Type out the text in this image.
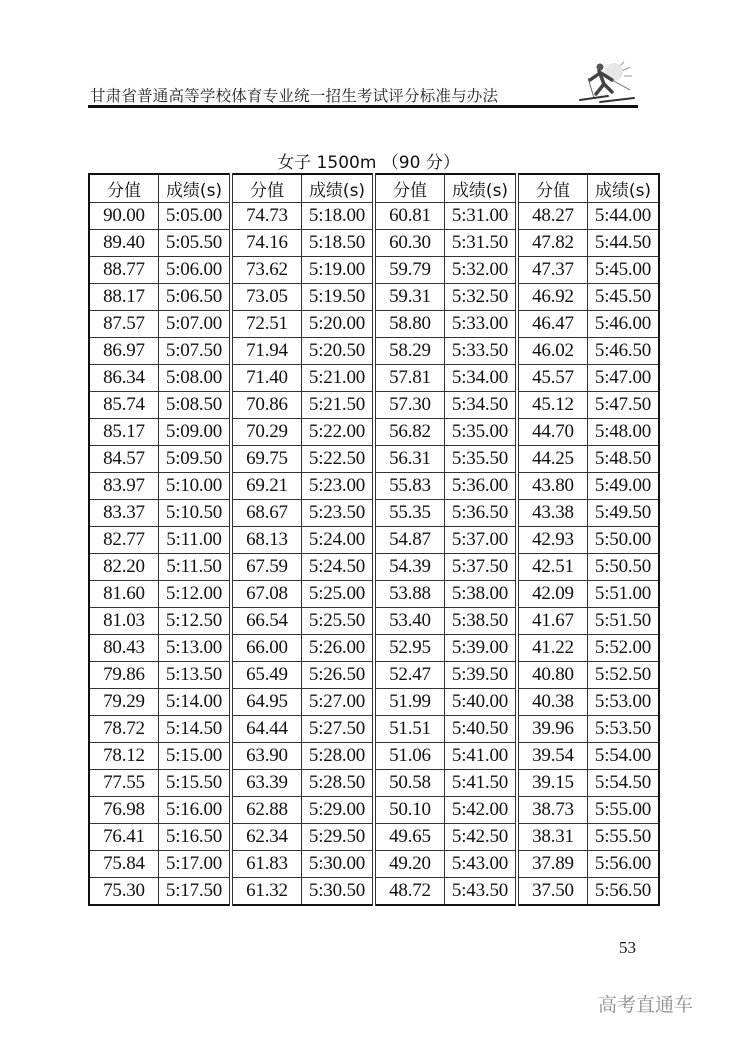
甘肃省普通高等学校体育专业统一招生考试评分标准与办法
女子 1500m （90 分）
分值	成绩(s)	分值	成绩(s)	分值	成绩(s)	分值	成绩(s)
90.00	5:05.00	74.73	5:18.00	60.81	5:31.00	48.27	5:44.00
89.40	5:05.50	74.16	5:18.50	60.30	5:31.50	47.82	5:44.50
88.77	5:06.00	73.62	5:19.00	59.79	5:32.00	47.37	5:45.00
88.17	5:06.50	73.05	5:19.50	59.31	5:32.50	46.92	5:45.50
87.57	5:07.00	72.51	5:20.00	58.80	5:33.00	46.47	5:46.00
86.97	5:07.50	71.94	5:20.50	58.29	5:33.50	46.02	5:46.50
86.34	5:08.00	71.40	5:21.00	57.81	5:34.00	45.57	5:47.00
85.74	5:08.50	70.86	5:21.50	57.30	5:34.50	45.12	5:47.50
85.17	5:09.00	70.29	5:22.00	56.82	5:35.00	44.70	5:48.00
84.57	5:09.50	69.75	5:22.50	56.31	5:35.50	44.25	5:48.50
83.97	5:10.00	69.21	5:23.00	55.83	5:36.00	43.80	5:49.00
83.37	5:10.50	68.67	5:23.50	55.35	5:36.50	43.38	5:49.50
82.77	5:11.00	68.13	5:24.00	54.87	5:37.00	42.93	5:50.00
82.20	5:11.50	67.59	5:24.50	54.39	5:37.50	42.51	5:50.50
81.60	5:12.00	67.08	5:25.00	53.88	5:38.00	42.09	5:51.00
81.03	5:12.50	66.54	5:25.50	53.40	5:38.50	41.67	5:51.50
80.43	5:13.00	66.00	5:26.00	52.95	5:39.00	41.22	5:52.00
79.86	5:13.50	65.49	5:26.50	52.47	5:39.50	40.80	5:52.50
79.29	5:14.00	64.95	5:27.00	51.99	5:40.00	40.38	5:53.00
78.72	5:14.50	64.44	5:27.50	51.51	5:40.50	39.96	5:53.50
78.12	5:15.00	63.90	5:28.00	51.06	5:41.00	39.54	5:54.00
77.55	5:15.50	63.39	5:28.50	50.58	5:41.50	39.15	5:54.50
76.98	5:16.00	62.88	5:29.00	50.10	5:42.00	38.73	5:55.00
76.41	5:16.50	62.34	5:29.50	49.65	5:42.50	38.31	5:55.50
75.84	5:17.00	61.83	5:30.00	49.20	5:43.00	37.89	5:56.00
75.30	5:17.50	61.32	5:30.50	48.72	5:43.50	37.50	5:56.50
53
高考直通车
